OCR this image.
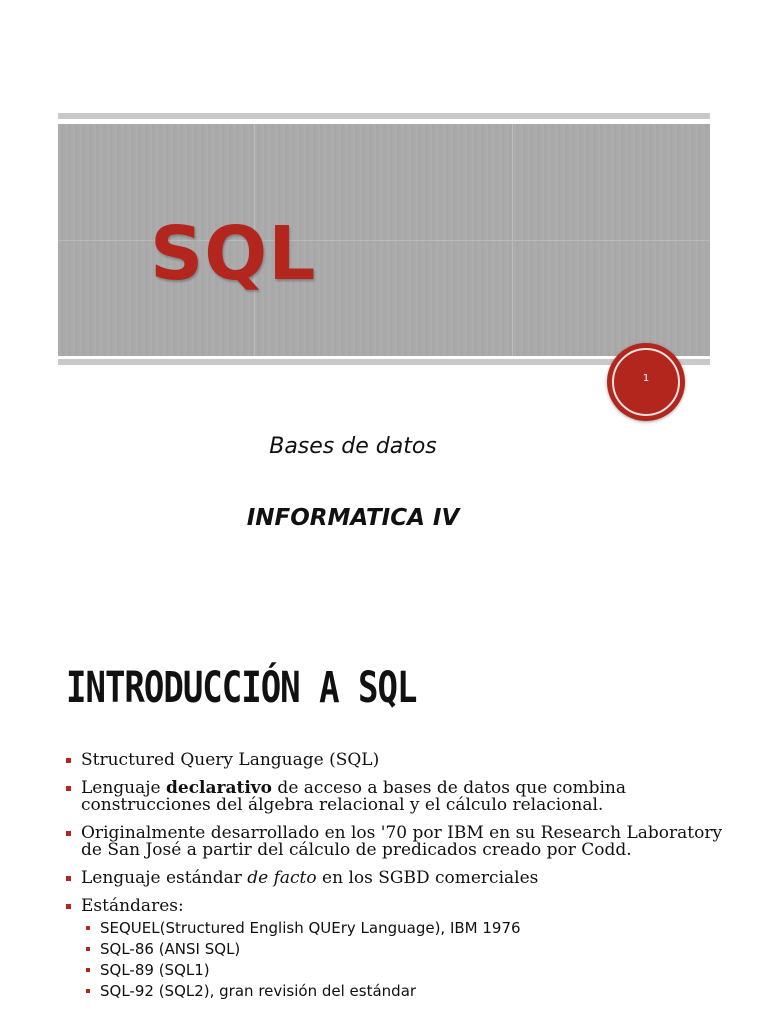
SQL
1
Bases de datos
INFORMATICA IV
INTRODUCCIÓN A SQL
Structured Query Language (SQL)
Lenguaje declarativo de acceso a bases de datos que combina construcciones del álgebra relacional y el cálculo relacional.
Originalmente desarrollado en los '70 por IBM en su Research Laboratory de San José a partir del cálculo de predicados creado por Codd.
Lenguaje estándar de facto en los SGBD comerciales
Estándares:
SEQUEL(Structured English QUEry Language), IBM 1976
SQL-86 (ANSI SQL)
SQL-89 (SQL1)
SQL-92 (SQL2), gran revisión del estándar
